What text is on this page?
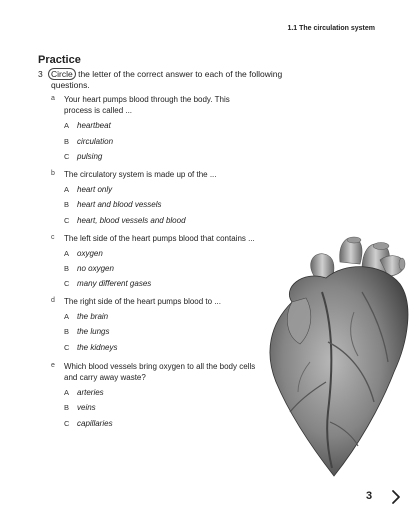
1.1 The circulation system
Practice
3 Circle the letter of the correct answer to each of the following questions.
a Your heart pumps blood through the body. This process is called ...
A heartbeat
B circulation
C pulsing
b The circulatory system is made up of the ...
A heart only
B heart and blood vessels
C heart, blood vessels and blood
c The left side of the heart pumps blood that contains ...
A oxygen
B no oxygen
C many different gases
d The right side of the heart pumps blood to ...
A the brain
B the lungs
C the kidneys
e Which blood vessels bring oxygen to all the body cells and carry away waste?
A arteries
B veins
C capillaries
3
